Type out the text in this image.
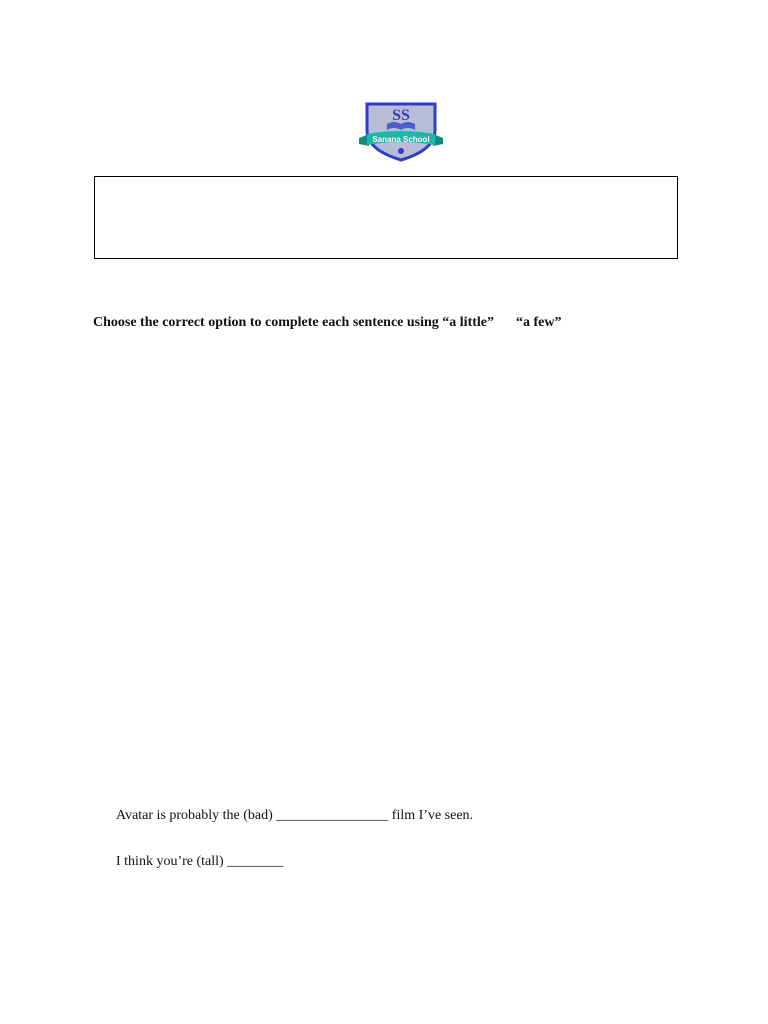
SS
Sanana School
Choose the correct option to complete each sentence using “a little” “a few”
Avatar is probably the (bad) ________________ film I’ve seen.
I think you’re (tall) ________
